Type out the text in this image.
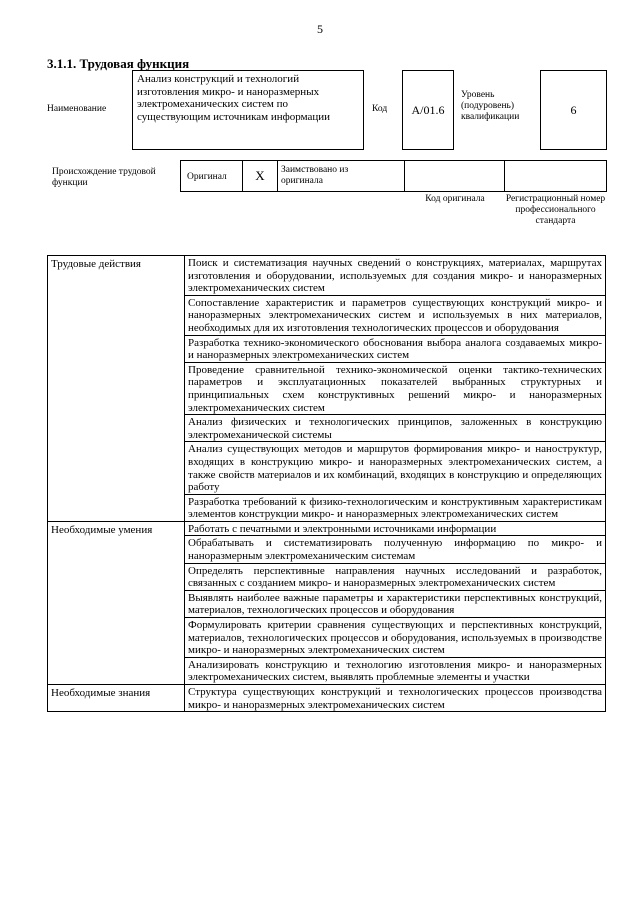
5
3.1.1. Трудовая функция
Наименование
Анализ конструкций и технологий изготовления микро- и наноразмерных электромеханических систем по существующим источникам информации
Код A/01.6
Уровень (подуровень) квалификации
6
Происхождение трудовой функции
Оригинал X Заимствовано из оригинала
Код оригинала	Регистрационный номер профессионального стандарта
Трудовые действия	Поиск и систематизация научных сведений о конструкциях, материалах, маршрутах изготовления и оборудовании, используемых для создания микро- и наноразмерных электромеханических систем
	Сопоставление характеристик и параметров существующих конструкций микро- и наноразмерных электромеханических систем и используемых в них материалов, необходимых для их изготовления технологических процессов и оборудования
	Разработка технико-экономического обоснования выбора аналога создаваемых микро- и наноразмерных электромеханических систем
	Проведение сравнительной технико-экономической оценки тактико-технических параметров и эксплуатационных показателей выбранных структурных и принципиальных схем конструктивных решений микро- и наноразмерных электромеханических систем
	Анализ физических и технологических принципов, заложенных в конструкцию электромеханической системы
	Анализ существующих методов и маршрутов формирования микро- и наноструктур, входящих в конструкцию микро- и наноразмерных электромеханических систем, а также свойств материалов и их комбинаций, входящих в конструкцию и определяющих работу
	Разработка требований к физико-технологическим и конструктивным характеристикам элементов конструкции микро- и наноразмерных электромеханических систем
Необходимые умения	Работать с печатными и электронными источниками информации
	Обрабатывать и систематизировать полученную информацию по микро- и наноразмерным электромеханическим системам
	Определять перспективные направления научных исследований и разработок, связанных с созданием микро- и наноразмерных электромеханических систем
	Выявлять наиболее важные параметры и характеристики перспективных конструкций, материалов, технологических процессов и оборудования
	Формулировать критерии сравнения существующих и перспективных конструкций, материалов, технологических процессов и оборудования, используемых в производстве микро- и наноразмерных электромеханических систем
	Анализировать конструкцию и технологию изготовления микро- и наноразмерных электромеханических систем, выявлять проблемные элементы и участки
Необходимые знания	Структура существующих конструкций и технологических процессов производства микро- и наноразмерных электромеханических систем
